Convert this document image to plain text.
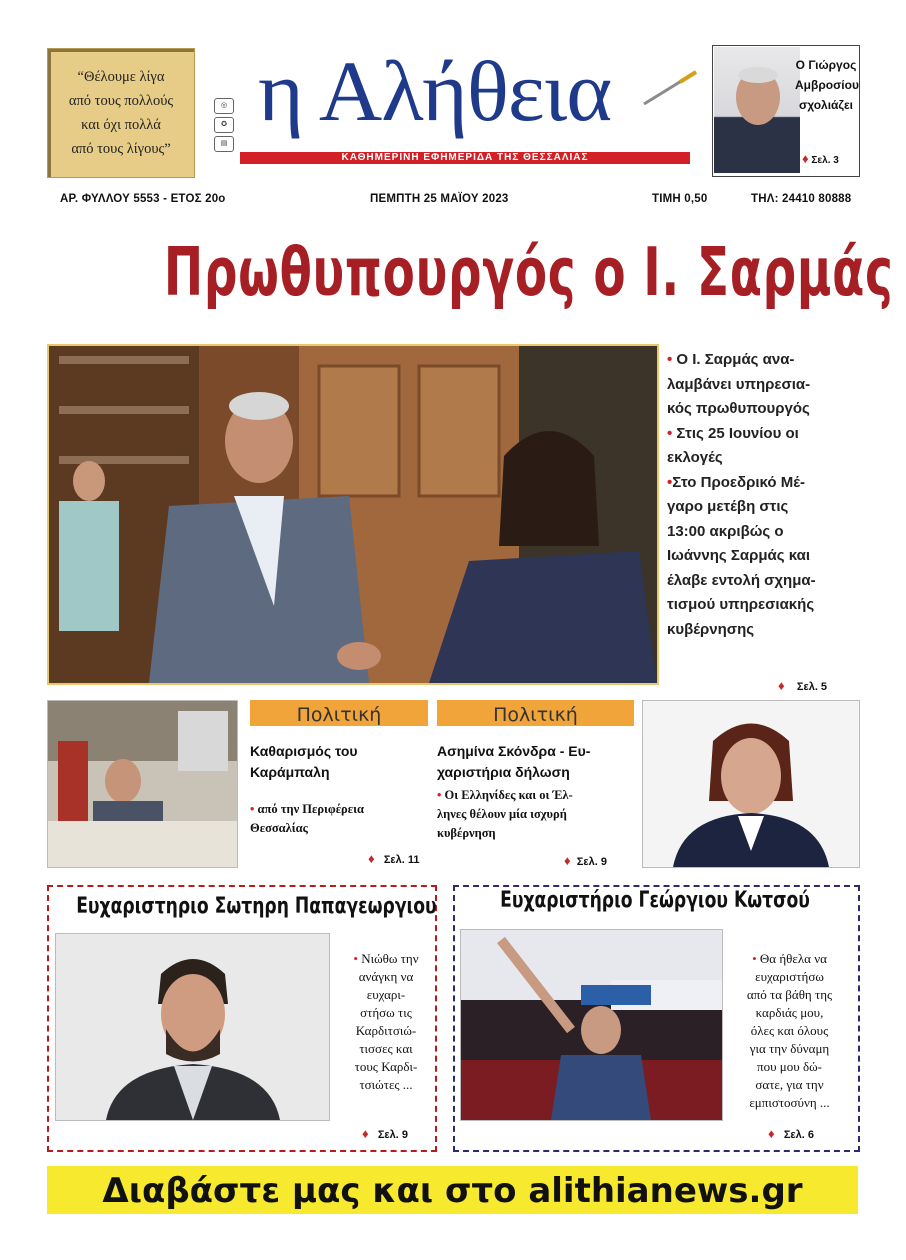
“Θέλουμε λίγα
από τους πολλούς
και όχι πολλά
από τους λίγους”
◎
✪
▤
η Αλήθεια
ΚΑΘΗΜΕΡΙΝΗ ΕΦΗΜΕΡΙΔΑ ΤΗΣ ΘΕΣΣΑΛΙΑΣ
Ο Γιώργος
Αμβροσίου
σχολιάζει
♦ Σελ. 3
ΑΡ. ΦΥΛΛΟΥ 5553 - ΕΤΟΣ 20ο	ΠΕΜΠΤΗ 25 ΜΑΪΟΥ 2023	ΤΙΜΗ 0,50	ΤΗΛ: 24410 80888
Πρωθυπουργός ο Ι. Σαρμάς
• Ο Ι. Σαρμάς ανα-
λαμβάνει υπηρεσια-
κός πρωθυπουργός
• Στις 25 Ιουνίου οι
εκλογές
•Στο Προεδρικό Μέ-
γαρο μετέβη στις
13:00 ακριβώς ο
Ιωάννης Σαρμάς και
έλαβε εντολή σχημα-
τισμού υπηρεσιακής
κυβέρνησης
♦ Σελ. 5
Πολιτική
Καθαρισμός του
Καράμπαλη
• από την Περιφέρεια
Θεσσαλίας
♦ Σελ. 11
Πολιτική
Ασημίνα Σκόνδρα - Ευ-
χαριστήρια δήλωση
• Οι Ελληνίδες και οι Έλ-
ληνες θέλουν μία ισχυρή
κυβέρνηση
♦ Σελ. 9
Ευχαριστηριο Σωτηρη Παπαγεωργιου
• Νιώθω την
ανάγκη να
ευχαρι-
στήσω τις
Καρδιτσιώ-
τισσες και
τους Καρδι-
τσιώτες ...
♦ Σελ. 9
Ευχαριστήριο Γεώργιου Κωτσού
• Θα ήθελα να
ευχαριστήσω
από τα βάθη της
καρδιάς μου,
όλες και όλους
για την δύναμη
που μου δώ-
σατε, για την
εμπιστοσύνη ...
♦ Σελ. 6
Διαβάστε μας και στο alithianews.gr
